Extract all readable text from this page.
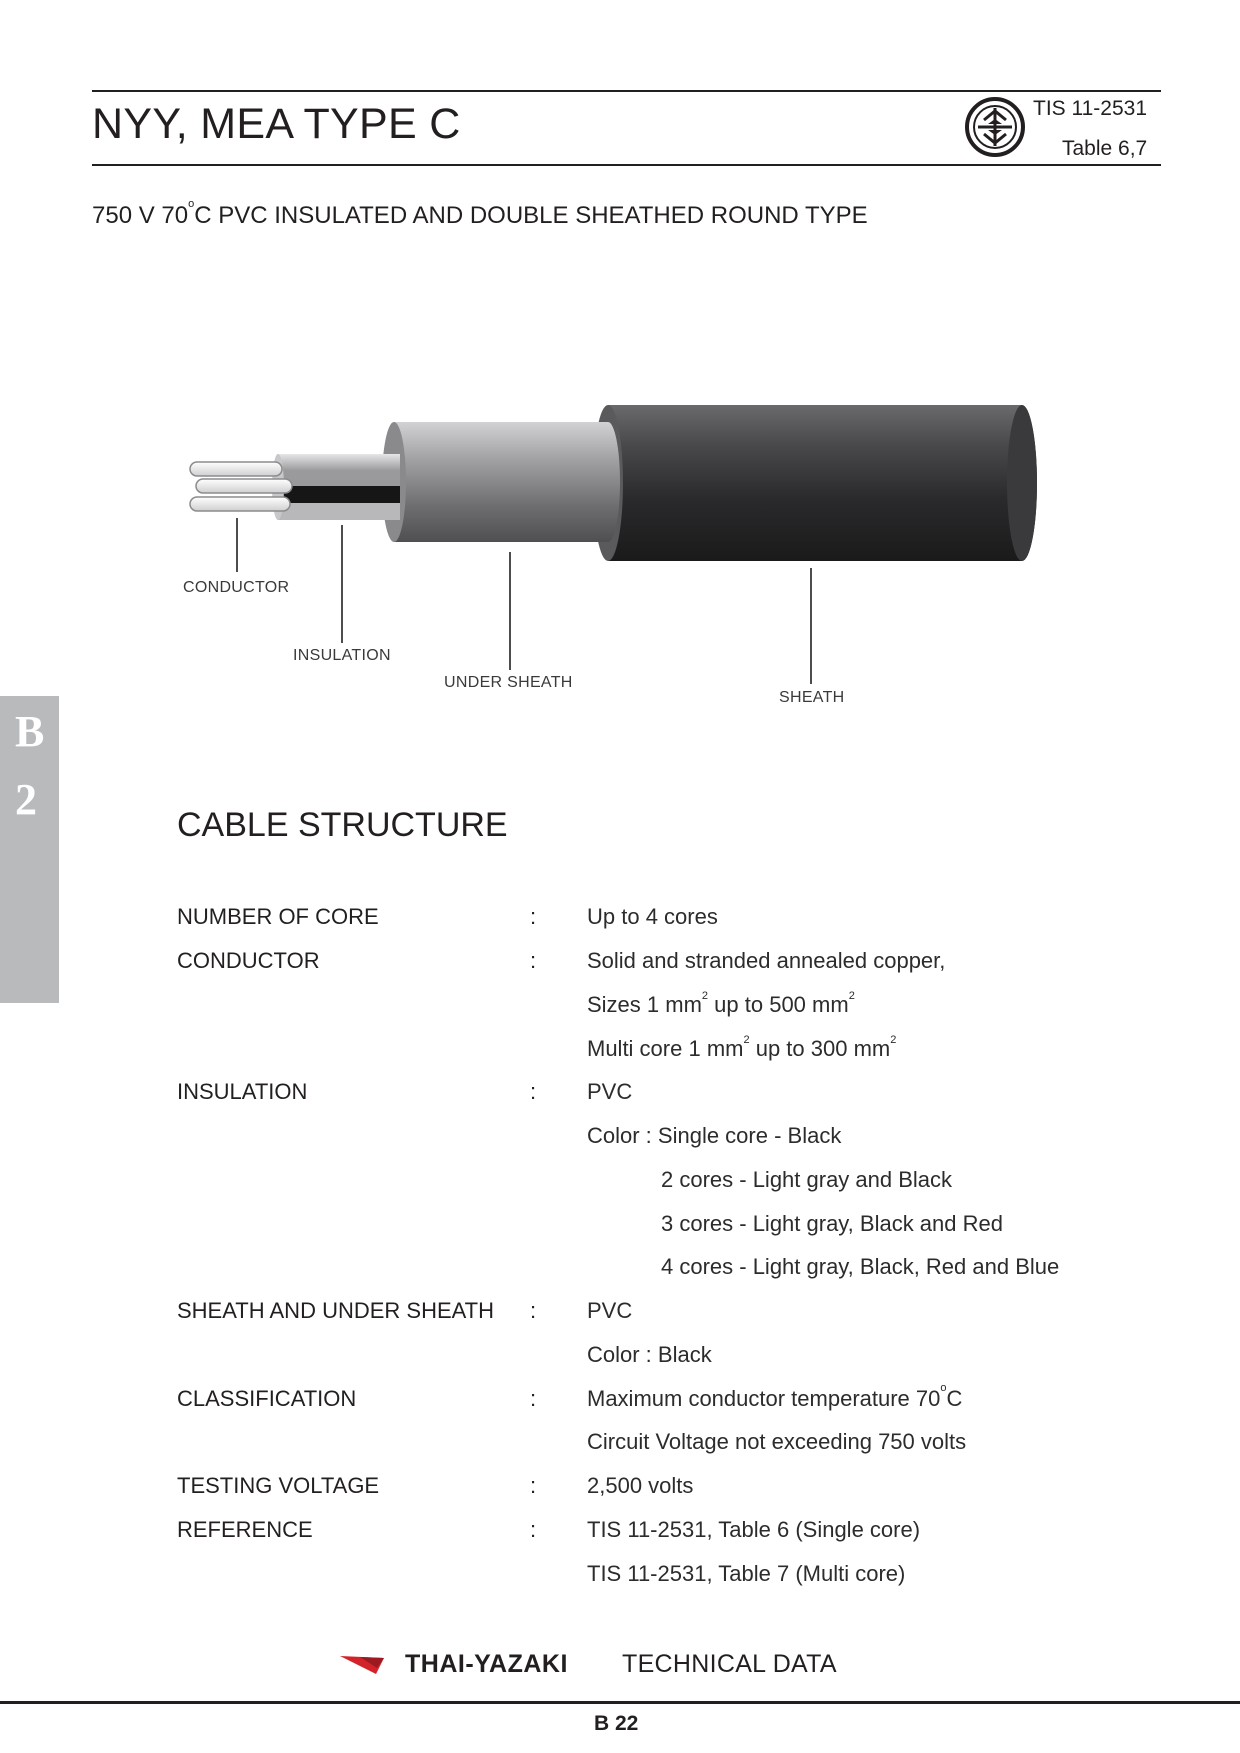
NYY, MEA TYPE C	TIS 11-2531
Table 6,7
750 V 70$^o$C PVC INSULATED AND DOUBLE SHEATHED ROUND TYPE
CONDUCTOR
INSULATION
UNDER SHEATH
SHEATH
B
2
CABLE STRUCTURE
NUMBER OF CORE	: Up to 4 cores
CONDUCTOR	: Solid and stranded annealed copper,
Sizes 1 $mm^2$ up to 500 $mm^2$
Multi core 1 $mm^2$ up to 300 $mm^2$
INSULATION	: PVC
Color : Single core - Black
2 cores - Light gray and Black
3 cores - Light gray, Black and Red
4 cores - Light gray, Black, Red and Blue
SHEATH AND UNDER SHEATH : PVC
Color : Black
CLASSIFICATION	: Maximum conductor temperature 70$^o$C
Circuit Voltage not exceeding 750 volts
TESTING VOLTAGE	: 2,500 volts
REFERENCE	: TIS 11-2531, Table 6 (Single core)
TIS 11-2531, Table 7 (Multi core)
THAI-YAZAKI TECHNICAL DATA
B 22
